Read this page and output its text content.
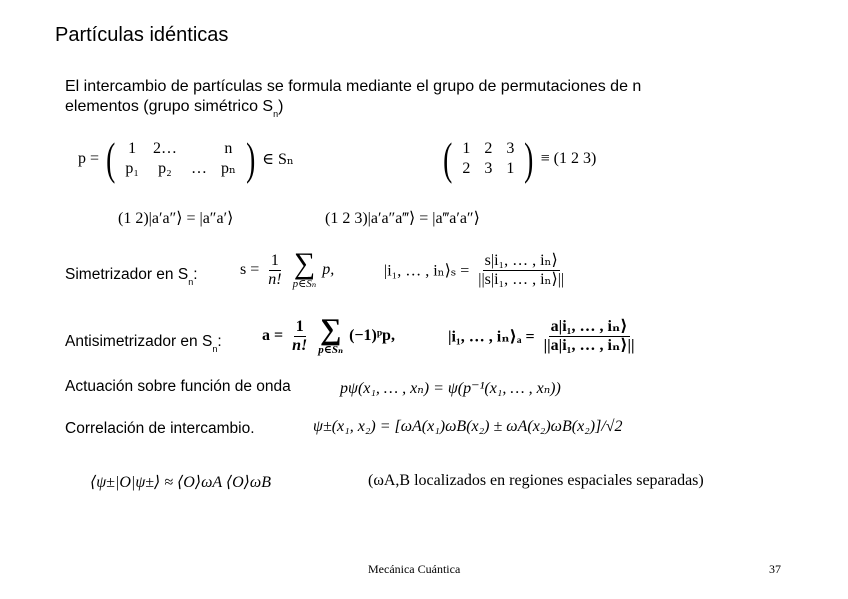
Partículas idénticas
El intercambio de partículas se formula mediante el grupo de permutaciones de n
elementos (grupo simétrico $S_n$)
p = ( 1	2…		n
p₁	p₂	…	pₙ ) ∈ Sₙ	( 1	2	3
2	3	1 ) ≡ (1 2 3)
(1 2)|a′a″⟩ = |a″a′⟩	(1 2 3)|a′a″a‴⟩ = |a‴a′a″⟩
Simetrizador en $S_n$:	$s = \frac{1}{n!}$
∑
p∈Sₙ
p,	|i₁, … , iₙ⟩ₛ = $\frac{\text{s|i₁, … , iₙ⟩}}{\text{||s|i₁, … , iₙ⟩||}}$
Antisimetrizador en $S_n$:	$a = \frac{1}{n!}$
∑
p∈Sₙ
(−1)ᵖp,	|i₁, … , iₙ⟩ₐ = $\frac{\text{a|i₁, … , iₙ⟩}}{\text{||a|i₁, … , iₙ⟩||}}$
Actuación sobre función de onda	pψ(x₁, … , xₙ) = ψ(p⁻¹(x₁, … , xₙ))
Correlación de intercambio.	ψ±(x₁, x₂) = [ωA(x₁)ωB(x₂) ± ωA(x₂)ωB(x₂)]/√2
⟨ψ±|O|ψ±⟩ ≈ ⟨O⟩ωA ⟨O⟩ωB	(ωA,B localizados en regiones espaciales separadas)
Mecánica Cuántica	37
